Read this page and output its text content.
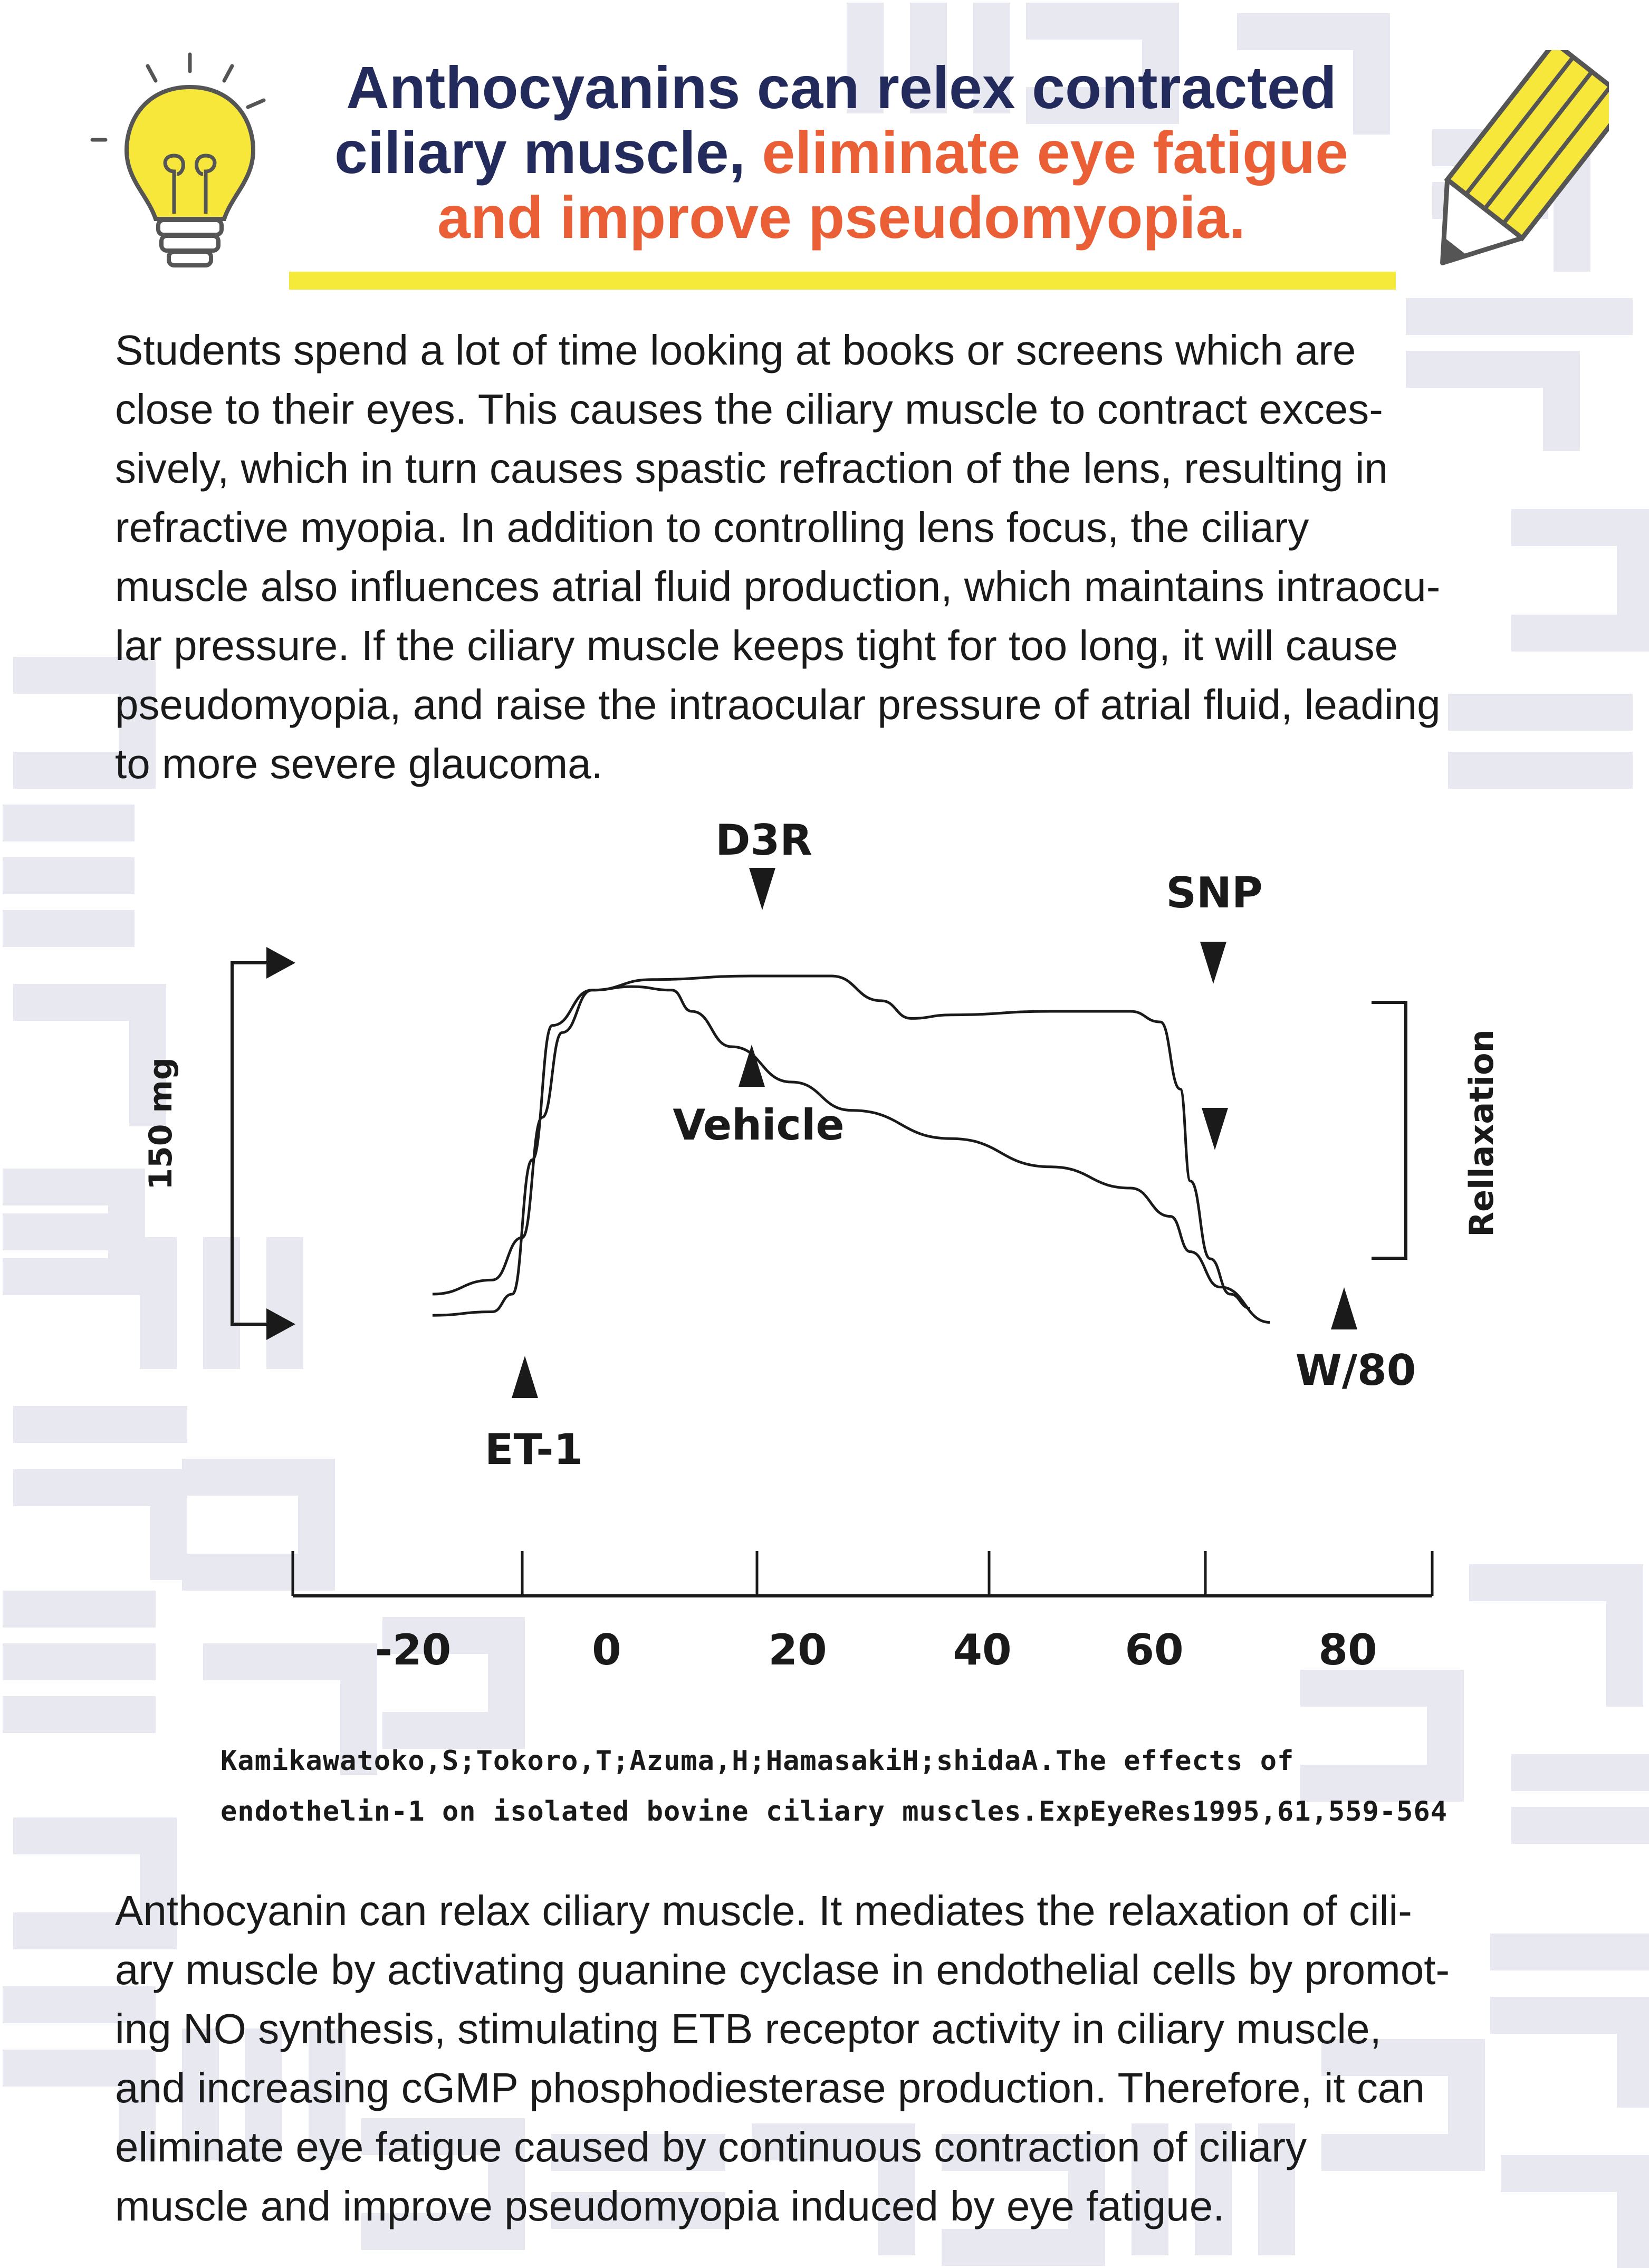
Anthocyanins can relex contracted
ciliary muscle, eliminate eye fatigue
and improve pseudomyopia.
Students spend a lot of time looking at books or screens which are
close to their eyes. This causes the ciliary muscle to contract exces-
sively, which in turn causes spastic refraction of the lens, resulting in
refractive myopia. In addition to controlling lens focus, the ciliary
muscle also influences atrial fluid production, which maintains intraocu-
lar pressure. If the ciliary muscle keeps tight for too long, it will cause
pseudomyopia, and raise the intraocular pressure of atrial fluid, leading
to more severe glaucoma.
150 mg	Rellaxation
D3R
Vehicle
SNP
ET-1
W/80
-20	0	20	40	60	80
Kamikawatoko,S;Tokoro,T;Azuma,H;HamasakiH;shidaA.The effects of
endothelin-1 on isolated bovine ciliary muscles.ExpEyeRes1995,61,559-564
Anthocyanin can relax ciliary muscle. It mediates the relaxation of cili-
ary muscle by activating guanine cyclase in endothelial cells by promot-
ing NO synthesis, stimulating ETB receptor activity in ciliary muscle,
and increasing cGMP phosphodiesterase production. Therefore, it can
eliminate eye fatigue caused by continuous contraction of ciliary
muscle and improve pseudomyopia induced by eye fatigue.
